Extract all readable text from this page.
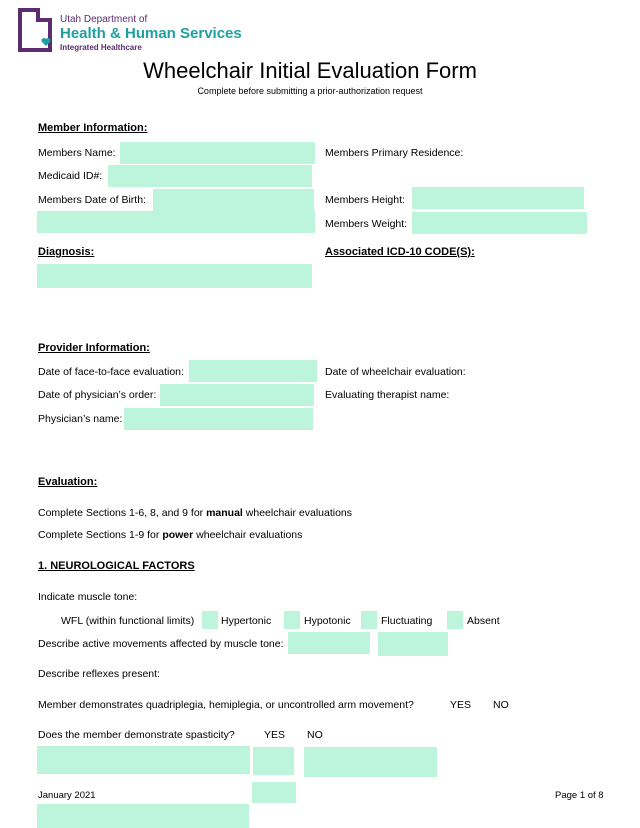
Utah Department of
Health & Human Services
Integrated Healthcare
Wheelchair Initial Evaluation Form
Complete before submitting a prior-authorization request
Member Information:
Members Name:	Members Primary Residence:
Medicaid ID#:
Members Date of Birth:	Members Height:
Members Weight:
Diagnosis:	Associated ICD-10 CODE(S):
Provider Information:
Date of face-to-face evaluation:	Date of wheelchair evaluation:
Date of physician’s order:	Evaluating therapist name:
Physician’s name:
Evaluation:
Complete Sections 1-6, 8, and 9 for manual wheelchair evaluations
Complete Sections 1-9 for power wheelchair evaluations
1. NEUROLOGICAL FACTORS
Indicate muscle tone:
WFL (within functional limits)	Hypertonic	Hypotonic	Fluctuating	Absent
Describe active movements affected by muscle tone:
Describe reflexes present:
Member demonstrates quadriplegia, hemiplegia, or uncontrolled arm movement?	YES NO
Does the member demonstrate spasticity?	YES NO
January 2021	Page 1 of 8
